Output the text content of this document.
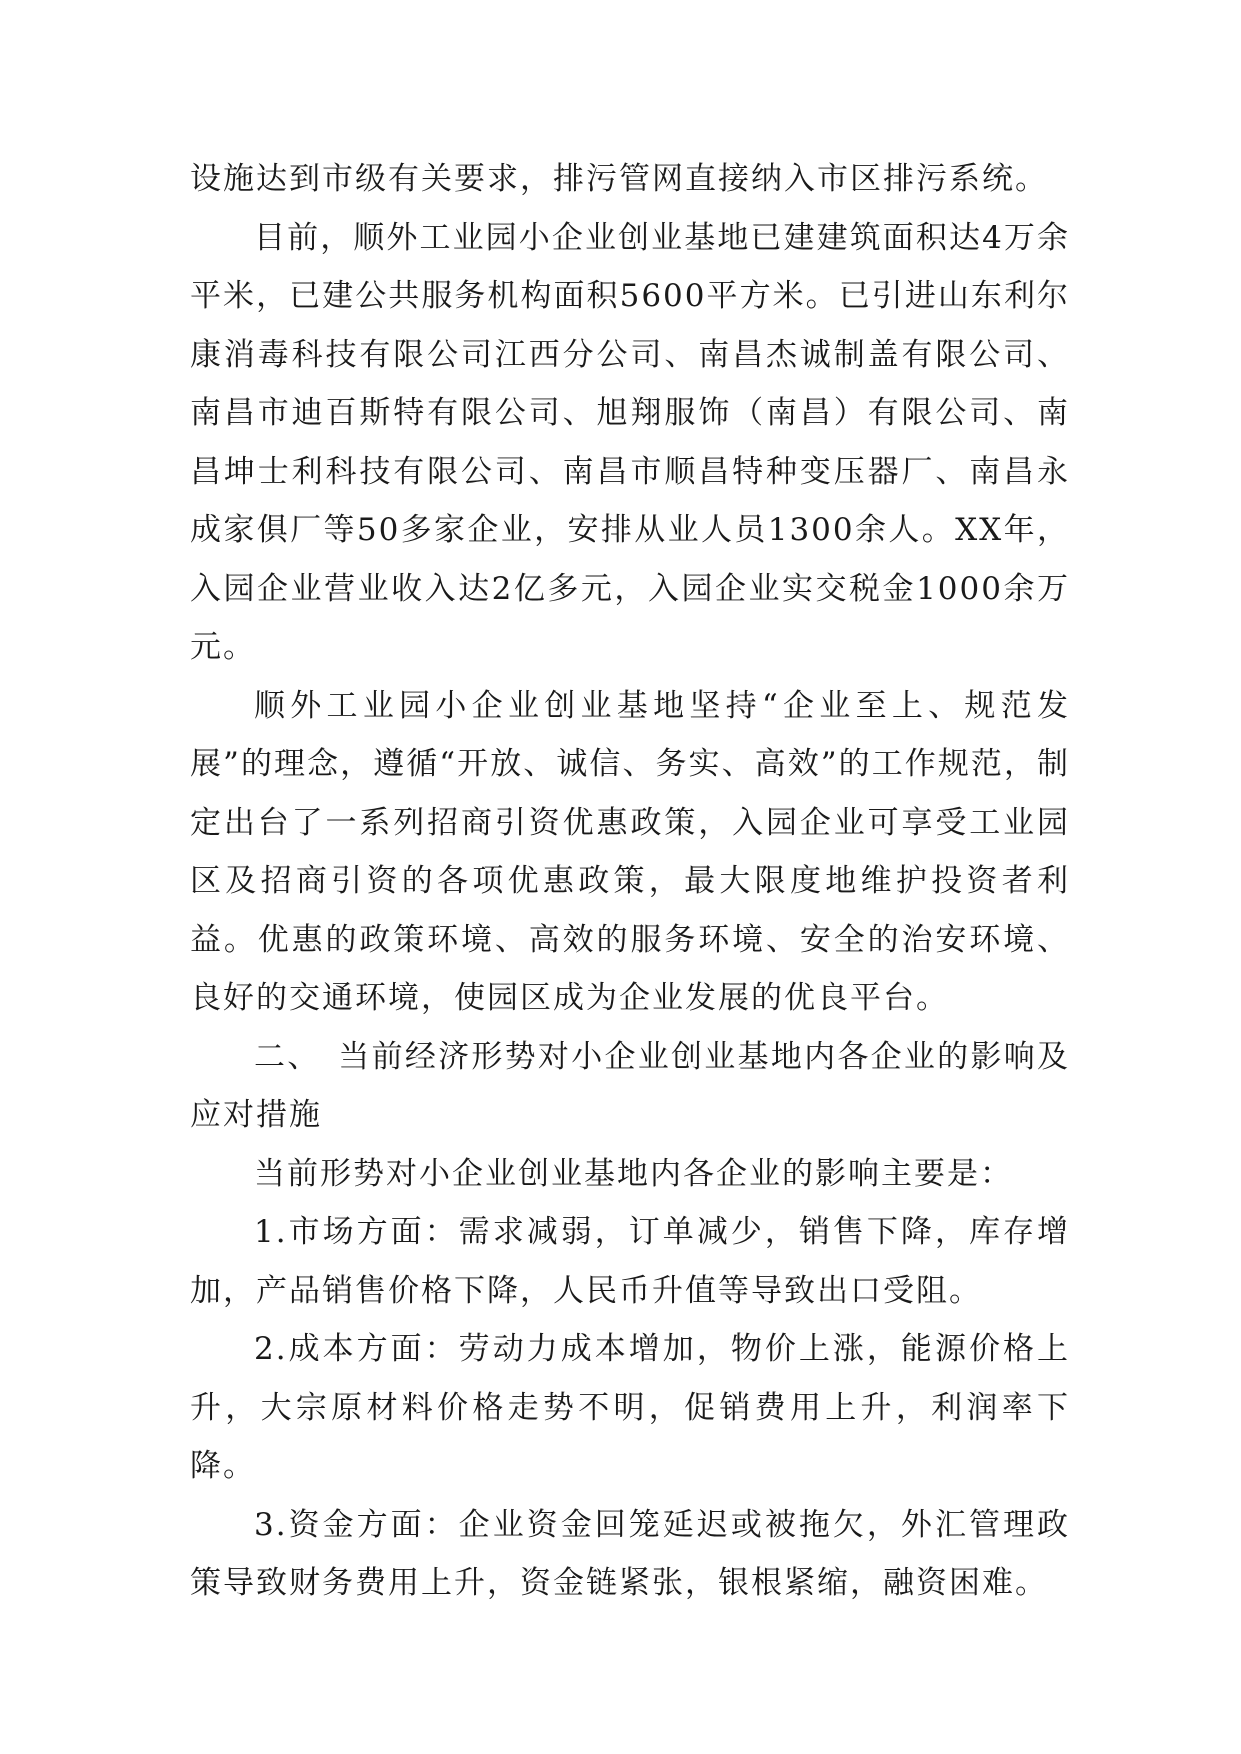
设施达到市级有关要求，排污管网直接纳入市区排污系统。

目前，顺外工业园小企业创业基地已建建筑面积达4万余平米，已建公共服务机构面积5600平方米。已引进山东利尔康消毒科技有限公司江西分公司、南昌杰诚制盖有限公司、南昌市迪百斯特有限公司、旭翔服饰（南昌）有限公司、南昌坤士利科技有限公司、南昌市顺昌特种变压器厂、南昌永成家俱厂等50多家企业，安排从业人员1300余人。XX年，入园企业营业收入达2亿多元，入园企业实交税金1000余万元。

顺外工业园小企业创业基地坚持“企业至上、规范发展”的理念，遵循“开放、诚信、务实、高效”的工作规范，制定出台了一系列招商引资优惠政策，入园企业可享受工业园区及招商引资的各项优惠政策，最大限度地维护投资者利益。优惠的政策环境、高效的服务环境、安全的治安环境、良好的交通环境，使园区成为企业发展的优良平台。

二、　当前经济形势对小企业创业基地内各企业的影响及应对措施

当前形势对小企业创业基地内各企业的影响主要是：

1.市场方面：需求减弱，订单减少，销售下降，库存增加，产品销售价格下降，人民币升值等导致出口受阻。

2.成本方面：劳动力成本增加，物价上涨，能源价格上升，大宗原材料价格走势不明，促销费用上升，利润率下降。

3.资金方面：企业资金回笼延迟或被拖欠，外汇管理政策导致财务费用上升，资金链紧张，银根紧缩，融资困难。
